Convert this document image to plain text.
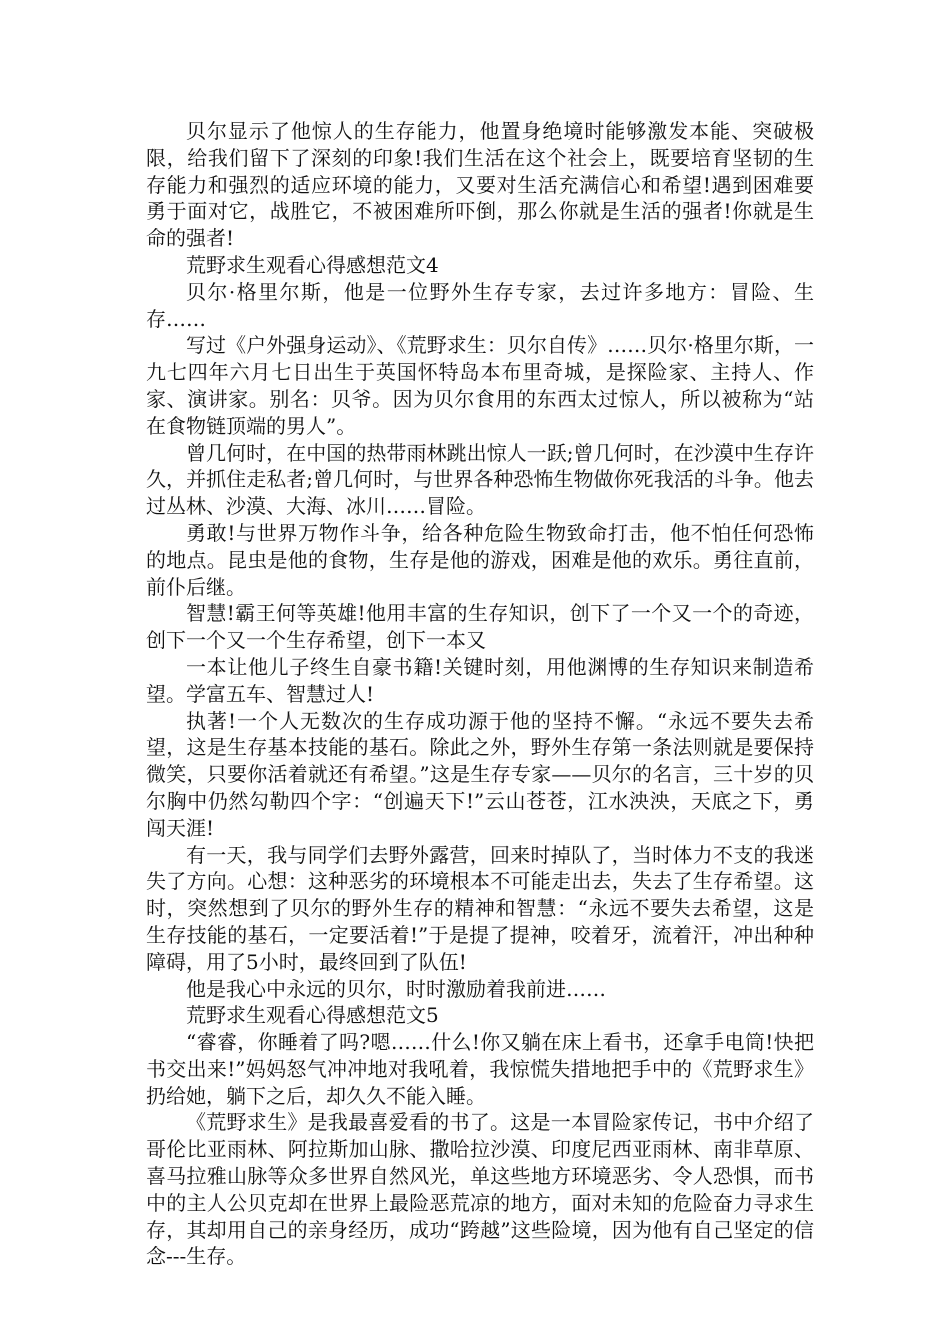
贝尔显示了他惊人的生存能力，他置身绝境时能够激发本能、突破极限，给我们留下了深刻的印象!我们生活在这个社会上，既要培育坚韧的生存能力和强烈的适应环境的能力，又要对生活充满信心和希望!遇到困难要勇于面对它，战胜它，不被困难所吓倒，那么你就是生活的强者!你就是生命的强者!

荒野求生观看心得感想范文4

贝尔·格里尔斯，他是一位野外生存专家，去过许多地方：冒险、生存……

写过《户外强身运动》、《荒野求生：贝尔自传》……贝尔·格里尔斯，一九七四年六月七日出生于英国怀特岛本布里奇城，是探险家、主持人、作家、演讲家。别名：贝爷。因为贝尔食用的东西太过惊人，所以被称为“站在食物链顶端的男人”。

曾几何时，在中国的热带雨林跳出惊人一跃;曾几何时，在沙漠中生存许久，并抓住走私者;曾几何时，与世界各种恐怖生物做你死我活的斗争。他去过丛林、沙漠、大海、冰川……冒险。

勇敢!与世界万物作斗争，给各种危险生物致命打击，他不怕任何恐怖的地点。昆虫是他的食物，生存是他的游戏，困难是他的欢乐。勇往直前，前仆后继。

智慧!霸王何等英雄!他用丰富的生存知识，创下了一个又一个的奇迹，创下一个又一个生存希望，创下一本又

一本让他儿子终生自豪书籍!关键时刻，用他渊博的生存知识来制造希望。学富五车、智慧过人!

执著!一个人无数次的生存成功源于他的坚持不懈。“永远不要失去希望，这是生存基本技能的基石。除此之外，野外生存第一条法则就是要保持微笑，只要你活着就还有希望。”这是生存专家——贝尔的名言，三十岁的贝尔胸中仍然勾勒四个字：“创遍天下!”云山苍苍，江水泱泱，天底之下，勇闯天涯!

有一天，我与同学们去野外露营，回来时掉队了，当时体力不支的我迷失了方向。心想：这种恶劣的环境根本不可能走出去，失去了生存希望。这时，突然想到了贝尔的野外生存的精神和智慧：“永远不要失去希望，这是生存技能的基石，一定要活着!”于是提了提神，咬着牙，流着汗，冲出种种障碍，用了5小时，最终回到了队伍!

他是我心中永远的贝尔，时时激励着我前进……

荒野求生观看心得感想范文5

“睿睿，你睡着了吗?嗯……什么!你又躺在床上看书，还拿手电筒!快把书交出来!”妈妈怒气冲冲地对我吼着，我惊慌失措地把手中的《荒野求生》扔给她，躺下之后，却久久不能入睡。

《荒野求生》是我最喜爱看的书了。这是一本冒险家传记，书中介绍了哥伦比亚雨林、阿拉斯加山脉、撒哈拉沙漠、印度尼西亚雨林、南非草原、喜马拉雅山脉等众多世界自然风光，单这些地方环境恶劣、令人恐惧，而书中的主人公贝克却在世界上最险恶荒凉的地方，面对未知的危险奋力寻求生存，其却用自己的亲身经历，成功“跨越”这些险境，因为他有自己坚定的信念---生存。
